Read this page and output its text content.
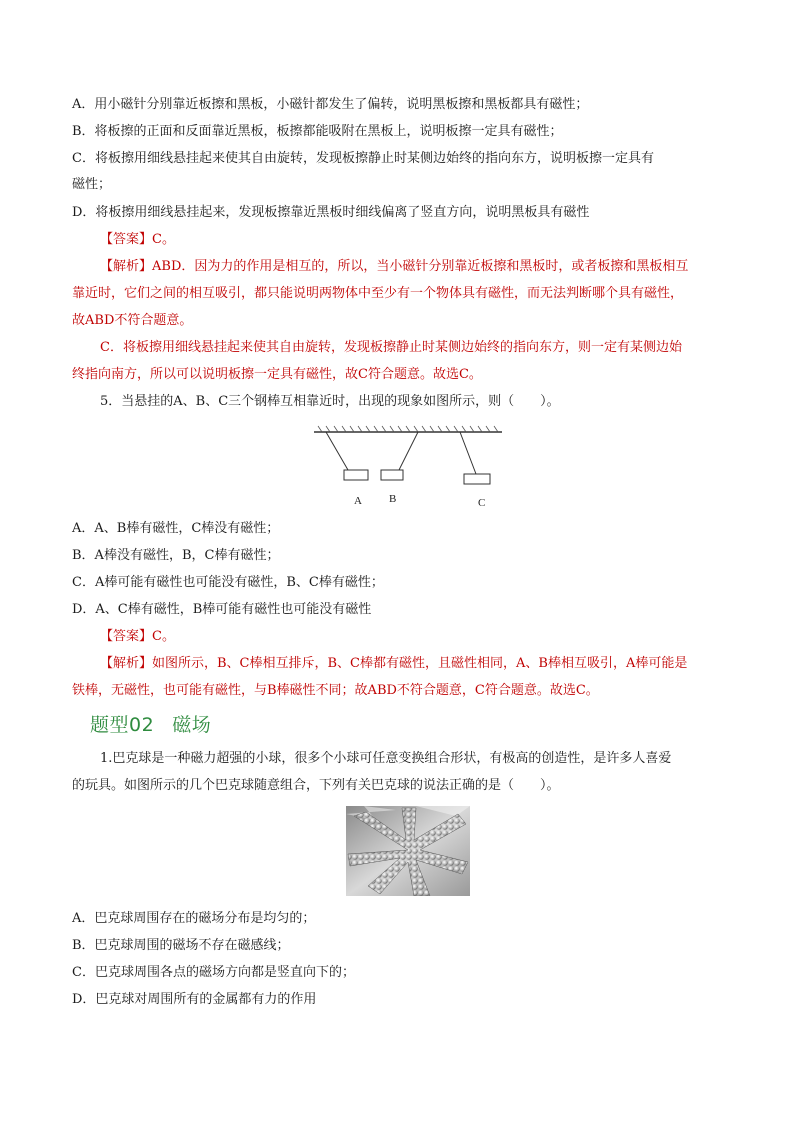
A．用小磁针分别靠近板擦和黑板，小磁针都发生了偏转，说明黑板擦和黑板都具有磁性；
B．将板擦的正面和反面靠近黑板，板擦都能吸附在黑板上，说明板擦一定具有磁性；
C．将板擦用细线悬挂起来使其自由旋转，发现板擦静止时某侧边始终的指向东方，说明板擦一定具有
磁性；
D．将板擦用细线悬挂起来，发现板擦靠近黑板时细线偏离了竖直方向，说明黑板具有磁性
【答案】C。
【解析】ABD．因为力的作用是相互的，所以，当小磁针分别靠近板擦和黑板时，或者板擦和黑板相互
靠近时，它们之间的相互吸引，都只能说明两物体中至少有一个物体具有磁性，而无法判断哪个具有磁性，
故ABD不符合题意。
C．将板擦用细线悬挂起来使其自由旋转，发现板擦静止时某侧边始终的指向东方，则一定有某侧边始
终指向南方，所以可以说明板擦一定具有磁性，故C符合题意。故选C。
5．当悬挂的A、B、C三个钢棒互相靠近时，出现的现象如图所示，则（　　）。
A B	C
A．A、B棒有磁性，C棒没有磁性；
B．A棒没有磁性，B，C棒有磁性；
C．A棒可能有磁性也可能没有磁性，B、C棒有磁性；
D．A、C棒有磁性，B棒可能有磁性也可能没有磁性
【答案】C。
【解析】如图所示，B、C棒相互排斥，B、C棒都有磁性，且磁性相同，A、B棒相互吸引，A棒可能是
铁棒，无磁性，也可能有磁性，与B棒磁性不同；故ABD不符合题意，C符合题意。故选C。
题型02 磁场
1.巴克球是一种磁力超强的小球，很多个小球可任意变换组合形状，有极高的创造性，是许多人喜爱
的玩具。如图所示的几个巴克球随意组合，下列有关巴克球的说法正确的是（　　）。
A．巴克球周围存在的磁场分布是均匀的；
B．巴克球周围的磁场不存在磁感线；
C．巴克球周围各点的磁场方向都是竖直向下的；
D．巴克球对周围所有的金属都有力的作用
